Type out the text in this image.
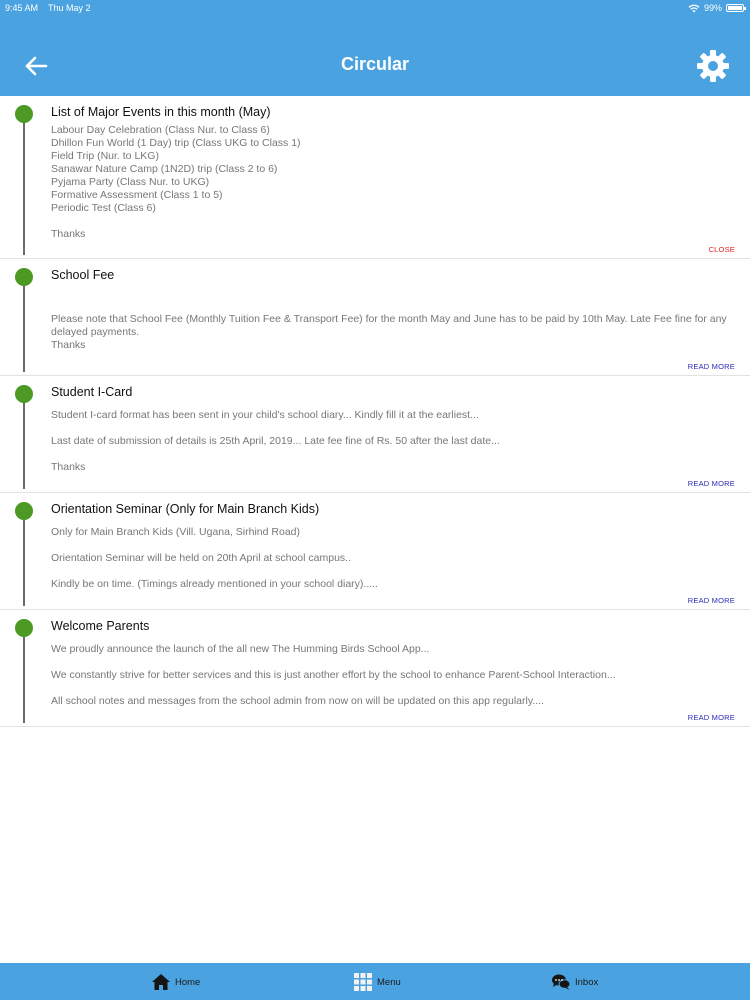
9:45 AM Thu May 2	99%
Circular
List of Major Events in this month (May)

Labour Day Celebration (Class Nur. to Class 6)

Dhillon Fun World (1 Day) trip (Class UKG to Class 1)

Field Trip (Nur. to LKG)

Sanawar Nature Camp (1N2D) trip (Class 2 to 6)

Pyjama Party (Class Nur. to UKG)

Formative Assessment (Class 1 to 5)

Periodic Test (Class 6)

Thanks

CLOSE
School Fee

Please note that School Fee (Monthly Tuition Fee & Transport Fee) for the month May and June has to be paid by 10th May. Late Fee fine for any delayed payments.

Thanks

READ MORE
Student I-Card

Student I-card format has been sent in your child's school diary... Kindly fill it at the earliest...

Last date of submission of details is 25th April, 2019... Late fee fine of Rs. 50 after the last date...

Thanks

READ MORE
Orientation Seminar (Only for Main Branch Kids)

Only for Main Branch Kids (Vill. Ugana, Sirhind Road)

Orientation Seminar will be held on 20th April at school campus..

Kindly be on time. (Timings already mentioned in your school diary).....

READ MORE
Welcome Parents

We proudly announce the launch of the all new The Humming Birds School App...

We constantly strive for better services and this is just another effort by the school to enhance Parent-School Interaction...

All school notes and messages from the school admin from now on will be updated on this app regularly....

READ MORE
Home	Menu	Inbox
